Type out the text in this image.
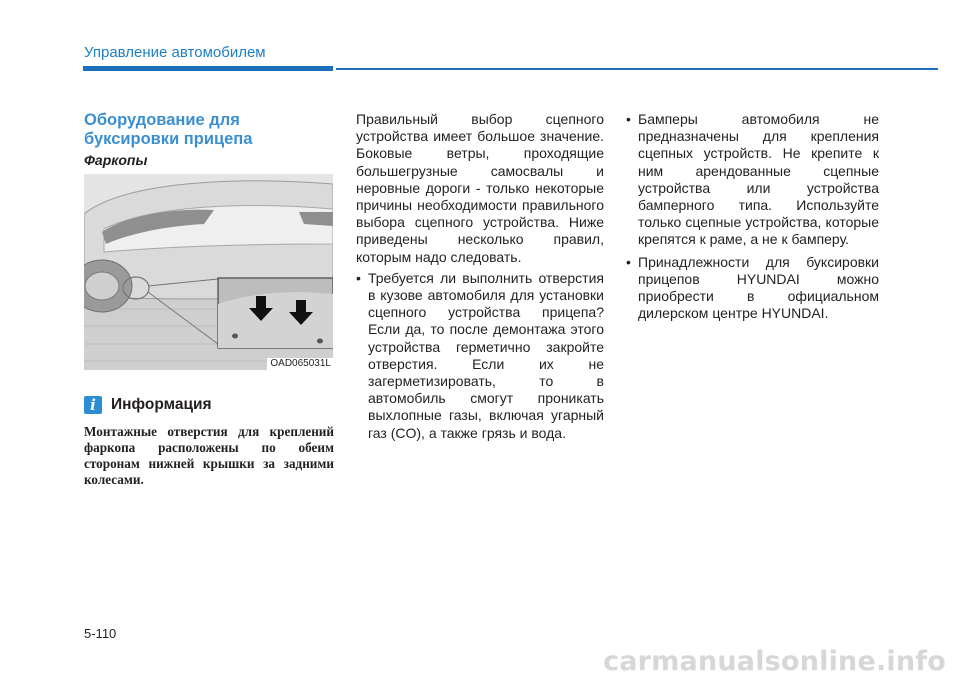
Управление автомобилем
Оборудование для буксировки прицепа
Фаркопы
OAD065031L
i Информация
Монтажные отверстия для креплений фаркопа расположены по обеим сторонам нижней крышки за задними колесами.

Правильный выбор сцепного устройства имеет большое значение. Боковые ветры, проходящие большегрузные самосвалы и неровные дороги - только некоторые причины необходимости правильного выбора сцепного устройства. Ниже приведены несколько правил, которым надо следовать.

• Требуется ли выполнить отверстия в кузове автомобиля для установки сцепного устройства прицепа? Если да, то после демонтажа этого устройства герметично закройте отверстия. Если их не загерметизировать, то в автомобиль смогут проникать выхлопные газы, включая угарный газ (CO), а также грязь и вода.
• Бамперы автомобиля не предназначены для крепления сцепных устройств. Не крепите к ним арендованные сцепные устройства или устройства бамперного типа. Используйте только сцепные устройства, которые крепятся к раме, а не к бамперу.
• Принадлежности для буксировки прицепов HYUNDAI можно приобрести в официальном дилерском центре HYUNDAI.
5-110
carmanualsonline.info
